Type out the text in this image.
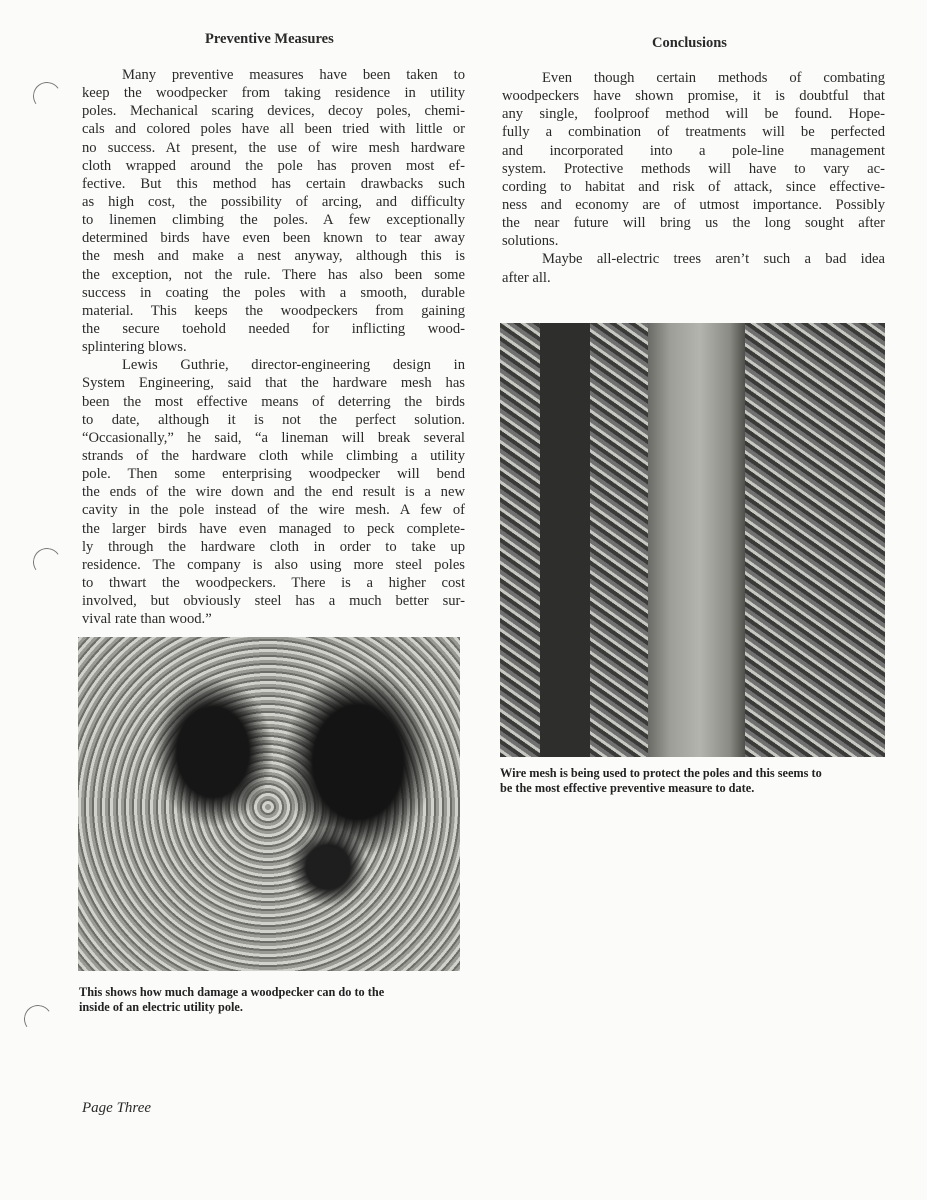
Preventive Measures
Many preventive measures have been taken to
keep the woodpecker from taking residence in utility
poles. Mechanical scaring devices, decoy poles, chemi-
cals and colored poles have all been tried with little or
no success. At present, the use of wire mesh hardware
cloth wrapped around the pole has proven most ef-
fective. But this method has certain drawbacks such
as high cost, the possibility of arcing, and difficulty
to linemen climbing the poles. A few exceptionally
determined birds have even been known to tear away
the mesh and make a nest anyway, although this is
the exception, not the rule. There has also been some
success in coating the poles with a smooth, durable
material. This keeps the woodpeckers from gaining
the secure toehold needed for inflicting wood-
splintering blows.
Lewis Guthrie, director-engineering design in
System Engineering, said that the hardware mesh has
been the most effective means of deterring the birds
to date, although it is not the perfect solution.
“Occasionally,” he said, “a lineman will break several
strands of the hardware cloth while climbing a utility
pole. Then some enterprising woodpecker will bend
the ends of the wire down and the end result is a new
cavity in the pole instead of the wire mesh. A few of
the larger birds have even managed to peck complete-
ly through the hardware cloth in order to take up
residence. The company is also using more steel poles
to thwart the woodpeckers. There is a higher cost
involved, but obviously steel has a much better sur-
vival rate than wood.”
This shows how much damage a woodpecker can do to the
inside of an electric utility pole.
Conclusions
Even though certain methods of combating
woodpeckers have shown promise, it is doubtful that
any single, foolproof method will be found. Hope-
fully a combination of treatments will be perfected
and incorporated into a pole-line management
system. Protective methods will have to vary ac-
cording to habitat and risk of attack, since effective-
ness and economy are of utmost importance. Possibly
the near future will bring us the long sought after
solutions.
Maybe all-electric trees aren’t such a bad idea
after all.
Wire mesh is being used to protect the poles and this seems to
be the most effective preventive measure to date.
Page Three
